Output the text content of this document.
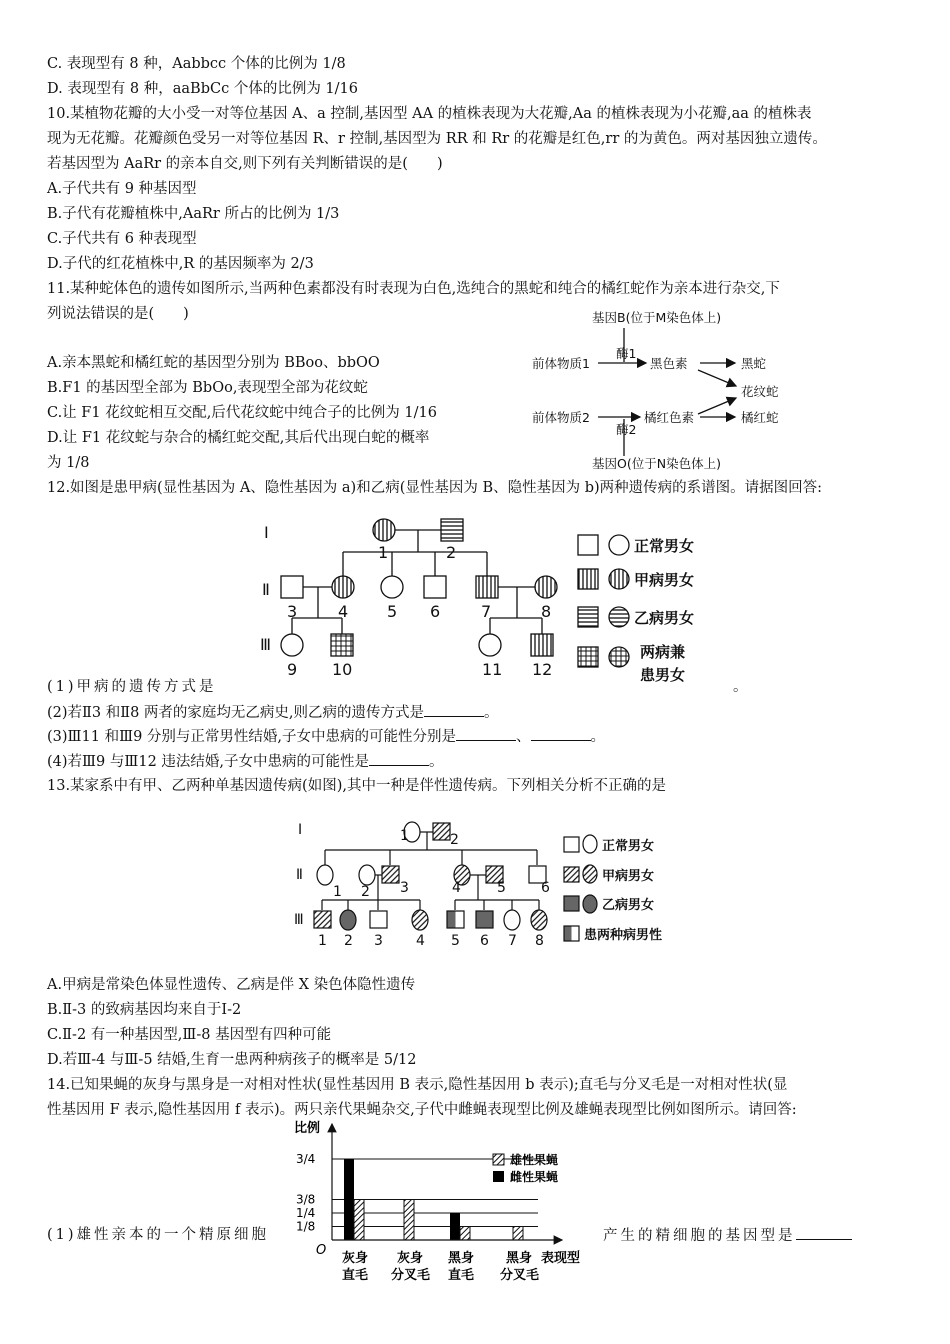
C. 表现型有 8 种，Aabbcc 个体的比例为 1/8
D. 表现型有 8 种，aaBbCc 个体的比例为 1/16
10.某植物花瓣的大小受一对等位基因 A、a 控制,基因型 AA 的植株表现为大花瓣,Aa 的植株表现为小花瓣,aa 的植株表
现为无花瓣。花瓣颜色受另一对等位基因 R、r 控制,基因型为 RR 和 Rr 的花瓣是红色,rr 的为黄色。两对基因独立遗传。
若基因型为 AaRr 的亲本自交,则下列有关判断错误的是(　　)
A.子代共有 9 种基因型
B.子代有花瓣植株中,AaRr 所占的比例为 1/3
C.子代共有 6 种表现型
D.子代的红花植株中,R 的基因频率为 2/3
11.某种蛇体色的遗传如图所示,当两种色素都没有时表现为白色,选纯合的黑蛇和纯合的橘红蛇作为亲本进行杂交,下
列说法错误的是(　　)
A.亲本黑蛇和橘红蛇的基因型分别为 BBoo、bbOO
B.F1 的基因型全部为 BbOo,表现型全部为花纹蛇
C.让 F1 花纹蛇相互交配,后代花纹蛇中纯合子的比例为 1/16
D.让 F1 花纹蛇与杂合的橘红蛇交配,其后代出现白蛇的概率
为 1/8
12.如图是患甲病(显性基因为 A、隐性基因为 a)和乙病(显性基因为 B、隐性基因为 b)两种遗传病的系谱图。请据图回答:
(1)甲病的遗传方式是	。
(2)若Ⅱ3 和Ⅱ8 两者的家庭均无乙病史,则乙病的遗传方式是	。
(3)Ⅲ11 和Ⅲ9 分别与正常男性结婚,子女中患病的可能性分别是	、	。
(4)若Ⅲ9 与Ⅲ12 违法结婚,子女中患病的可能性是	。
13.某家系中有甲、乙两种单基因遗传病(如图),其中一种是伴性遗传病。下列相关分析不正确的是
A.甲病是常染色体显性遗传、乙病是伴 X 染色体隐性遗传
B.Ⅱ-3 的致病基因均来自于Ⅰ-2
C.Ⅱ-2 有一种基因型,Ⅲ-8 基因型有四种可能
D.若Ⅲ-4 与Ⅲ-5 结婚,生育一患两种病孩子的概率是 5/12
14.已知果蝇的灰身与黑身是一对相对性状(显性基因用 B 表示,隐性基因用 b 表示);直毛与分叉毛是一对相对性状(显
性基因用 F 表示,隐性基因用 f 表示)。两只亲代果蝇杂交,子代中雌蝇表现型比例及雄蝇表现型比例如图所示。请回答:
(1)雄性亲本的一个精原细胞	产生的精细胞的基因型是
基因B(位于M染色体上)
酶1
前体物质1	黑色素	黑蛇
花纹蛇
前体物质2	橘红色素	橘红蛇
酶2
基因O(位于N染色体上)
Ⅰ
Ⅱ
Ⅲ
1	2
3	4 5 6	7	8
9 10	11 12
正常男女
甲病男女
乙病男女
两病兼
患男女
Ⅰ
Ⅱ
Ⅲ
1	2
1 2 3	4	5	6
1 2 3 4 5 6 7 8
正常男女
甲病男女
乙病男女
患两种病男性
3/4
3/8
1/4
1/8
比例
O
表现型
灰身
直毛
灰身
分叉毛
黑身
直毛
黑身
分叉毛
雄性果蝇
雌性果蝇
